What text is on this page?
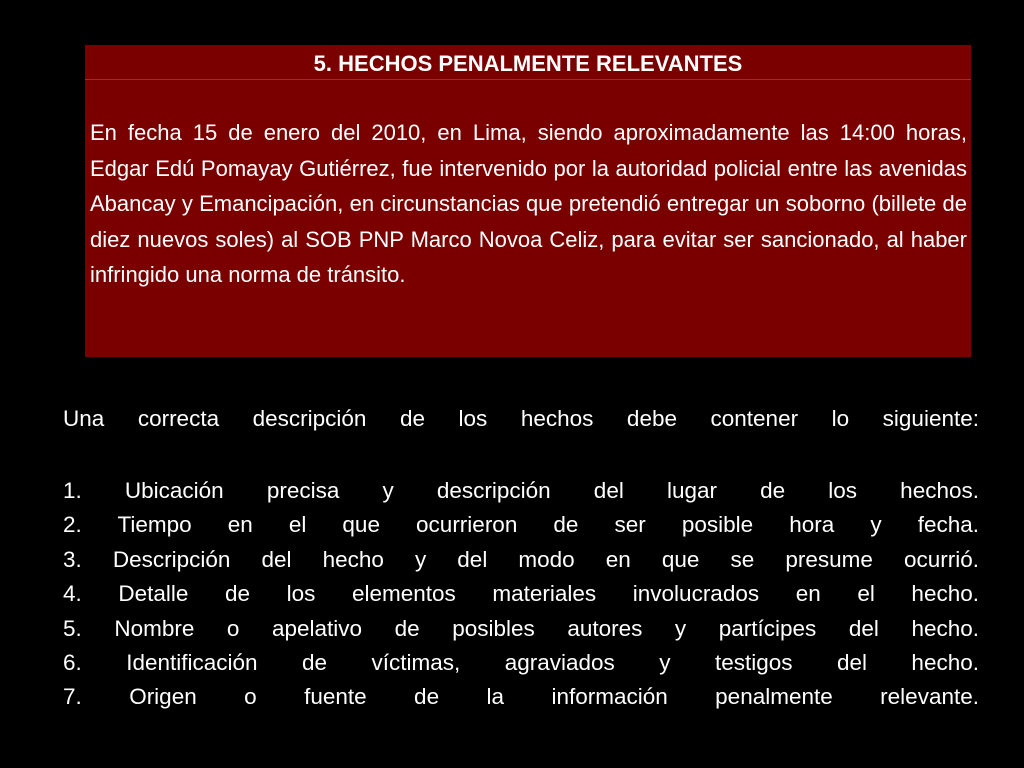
5. HECHOS PENALMENTE RELEVANTES

En fecha 15 de enero del 2010, en Lima, siendo aproximadamente las 14:00 horas, Edgar Edú Pomayay Gutiérrez, fue intervenido por la autoridad policial entre las avenidas Abancay y Emancipación, en circunstancias que pretendió entregar un soborno (billete de diez nuevos soles) al SOB PNP Marco Novoa Celiz, para evitar ser sancionado, al haber infringido una norma de tránsito.

Una correcta descripción de los hechos debe contener lo siguiente:

1. Ubicación precisa y descripción del lugar de los hechos.
2. Tiempo en el que ocurrieron de ser posible hora y fecha.
3. Descripción del hecho y del modo en que se presume ocurrió.
4. Detalle de los elementos materiales involucrados en el hecho.
5. Nombre o apelativo de posibles autores y partícipes del hecho.
6. Identificación de víctimas, agraviados y testigos del hecho.
7. Origen o fuente de la información penalmente relevante.
